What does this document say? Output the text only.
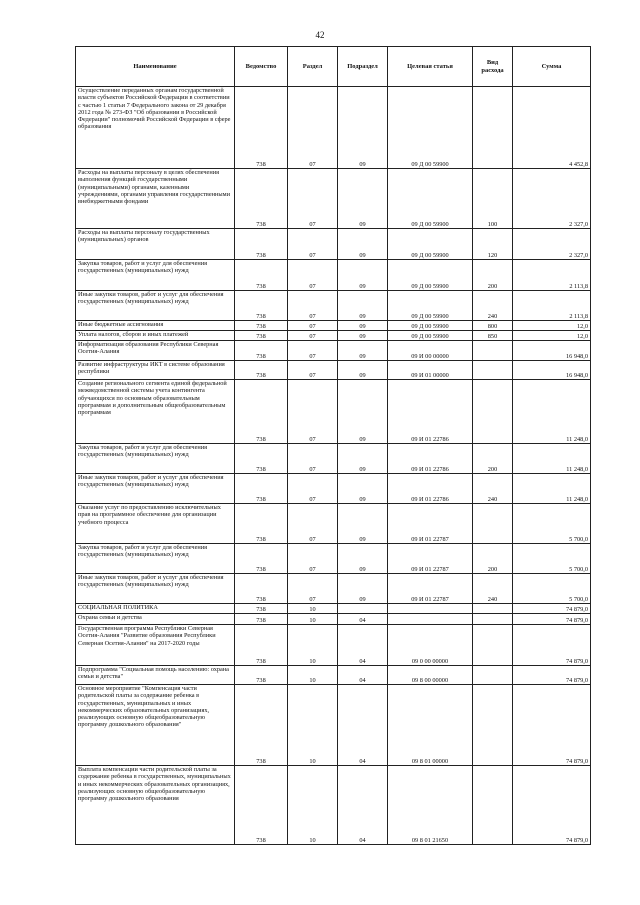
42
Наименование	Ведомство	Раздел	Подраздел	Целевая статья	Вид расхода	Сумма
Осуществление переданных органам государственной власти субъектов Российской Федерации в соответствии с частью 1 статьи 7 Федерального закона от 29 декабря 2012 года № 273-ФЗ "Об образовании в Российской Федерации" полномочий Российской Федерации в сфере образования	738	07	09	09 Д 00 59900		4 452,8
Расходы на выплаты персоналу в целях обеспечения выполнения функций государственными (муниципальными) органами, казенными учреждениями, органами управления государственными внебюджетными фондами	738	07	09	09 Д 00 59900	100	2 327,0
Расходы на выплаты персоналу государственных (муниципальных) органов	738	07	09	09 Д 00 59900	120	2 327,0
Закупка товаров, работ и услуг для обеспечения государственных (муниципальных) нужд	738	07	09	09 Д 00 59900	200	2 113,8
Иные закупки товаров, работ и услуг для обеспечения государственных (муниципальных) нужд	738	07	09	09 Д 00 59900	240	2 113,8
Иные бюджетные ассигнования	738	07	09	09 Д 00 59900	800	12,0
Уплата налогов, сборов и иных платежей	738	07	09	09 Д 00 59900	850	12,0
Информатизация образования Республики Северная Осетия-Алания	738	07	09	09 И 00 00000		16 948,0
Развитие инфраструктуры ИКТ в системе образования республики	738	07	09	09 И 01 00000		16 948,0
Создание регионального сегмента единой федеральной межведомственной системы учета контингента обучающихся по основным образовательным программам и дополнительным общеобразовательным программам	738	07	09	09 И 01 22786		11 248,0
Закупка товаров, работ и услуг для обеспечения государственных (муниципальных) нужд	738	07	09	09 И 01 22786	200	11 248,0
Иные закупки товаров, работ и услуг для обеспечения государственных (муниципальных) нужд	738	07	09	09 И 01 22786	240	11 248,0
Оказание услуг по предоставлению исключительных прав на программное обеспечение для организации учебного процесса	738	07	09	09 И 01 22787		5 700,0
Закупка товаров, работ и услуг для обеспечения государственных (муниципальных) нужд	738	07	09	09 И 01 22787	200	5 700,0
Иные закупки товаров, работ и услуг для обеспечения государственных (муниципальных) нужд	738	07	09	09 И 01 22787	240	5 700,0
СОЦИАЛЬНАЯ ПОЛИТИКА	738	10				74 879,0
Охрана семьи и детства	738	10	04			74 879,0
Государственная программа Республики Северная Осетия-Алания "Развитие образования Республики Северная Осетия-Алания" на 2017-2020 годы	738	10	04	09 0 00 00000		74 879,0
Подпрограмма "Социальная помощь населению: охрана семьи и детства"	738	10	04	09 8 00 00000		74 879,0
Основное мероприятие "Компенсация части родительской платы за содержание ребенка в государственных, муниципальных и иных некоммерческих образовательных организациях, реализующих основную общеобразовательную программу дошкольного образования"	738	10	04	09 8 01 00000		74 879,0
Выплата компенсации части родительской платы за содержание ребенка в государственных, муниципальных и иных некоммерческих образовательных организациях, реализующих основную общеобразовательную программу дошкольного образования	738	10	04	09 8 01 21650		74 879,0
